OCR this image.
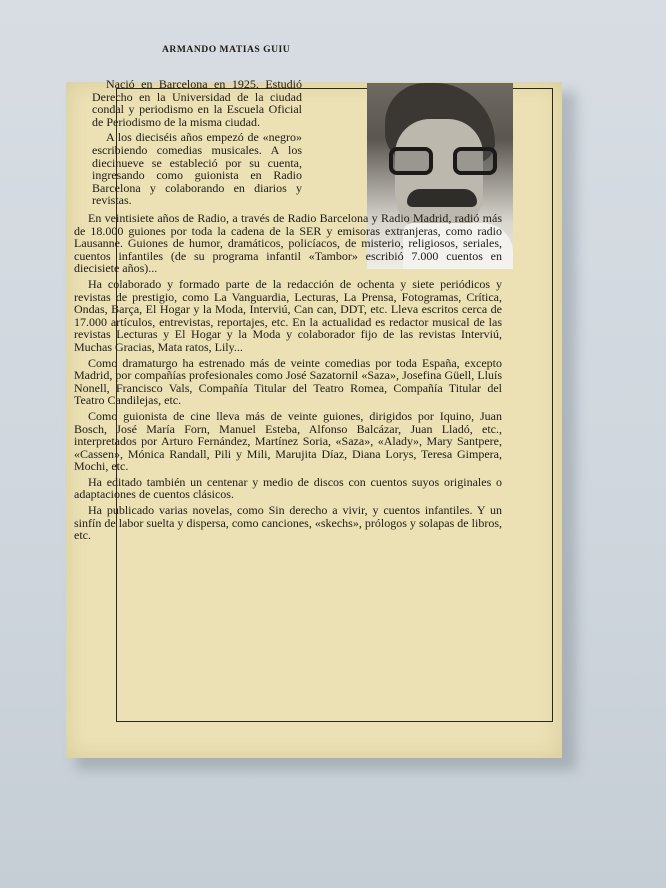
ARMANDO MATIAS GUIU

Nació en Barcelona en 1925. Estudió Derecho en la Universidad de la ciudad condal y periodismo en la Escuela Oficial de Periodismo de la misma ciudad.

A los dieciséis años empezó de «negro» escribiendo comedias musicales. A los diecinueve se estableció por su cuenta, ingresando como guionista en Radio Barcelona y colaborando en diarios y revistas.

En veintisiete años de Radio, a través de Radio Barcelona y Radio Madrid, radió más de 18.000 guiones por toda la cadena de la SER y emisoras extranjeras, como radio Lausanne. Guiones de humor, dramáticos, policíacos, de misterio, religiosos, seriales, cuentos infantiles (de su programa infantil «Tambor» escribió 7.000 cuentos en diecisiete años)...

Ha colaborado y formado parte de la redacción de ochenta y siete periódicos y revistas de prestigio, como La Vanguardia, Lecturas, La Prensa, Fotogramas, Crítica, Ondas, Barça, El Hogar y la Moda, Interviú, Can can, DDT, etc. Lleva escritos cerca de 17.000 artículos, entrevistas, reportajes, etc. En la actualidad es redactor musical de las revistas Lecturas y El Hogar y la Moda y colaborador fijo de las revistas Interviú, Muchas Gracias, Mata ratos, Lily...

Como dramaturgo ha estrenado más de veinte comedias por toda España, excepto Madrid, por compañías profesionales como José Sazatornil «Saza», Josefina Güell, Lluís Nonell, Francisco Vals, Compañía Titular del Teatro Romea, Compañía Titular del Teatro Candilejas, etc.

Como guionista de cine lleva más de veinte guiones, dirigidos por Iquino, Juan Bosch, José María Forn, Manuel Esteba, Alfonso Balcázar, Juan Lladó, etc., interpretados por Arturo Fernández, Martínez Soria, «Saza», «Alady», Mary Santpere, «Cassen», Mónica Randall, Pili y Mili, Marujita Díaz, Diana Lorys, Teresa Gimpera, Mochi, etc.

Ha editado también un centenar y medio de discos con cuentos suyos originales o adaptaciones de cuentos clásicos.

Ha publicado varias novelas, como Sin derecho a vivir, y cuentos infantiles. Y un sinfín de labor suelta y dispersa, como canciones, «skechs», prólogos y solapas de libros, etc.
